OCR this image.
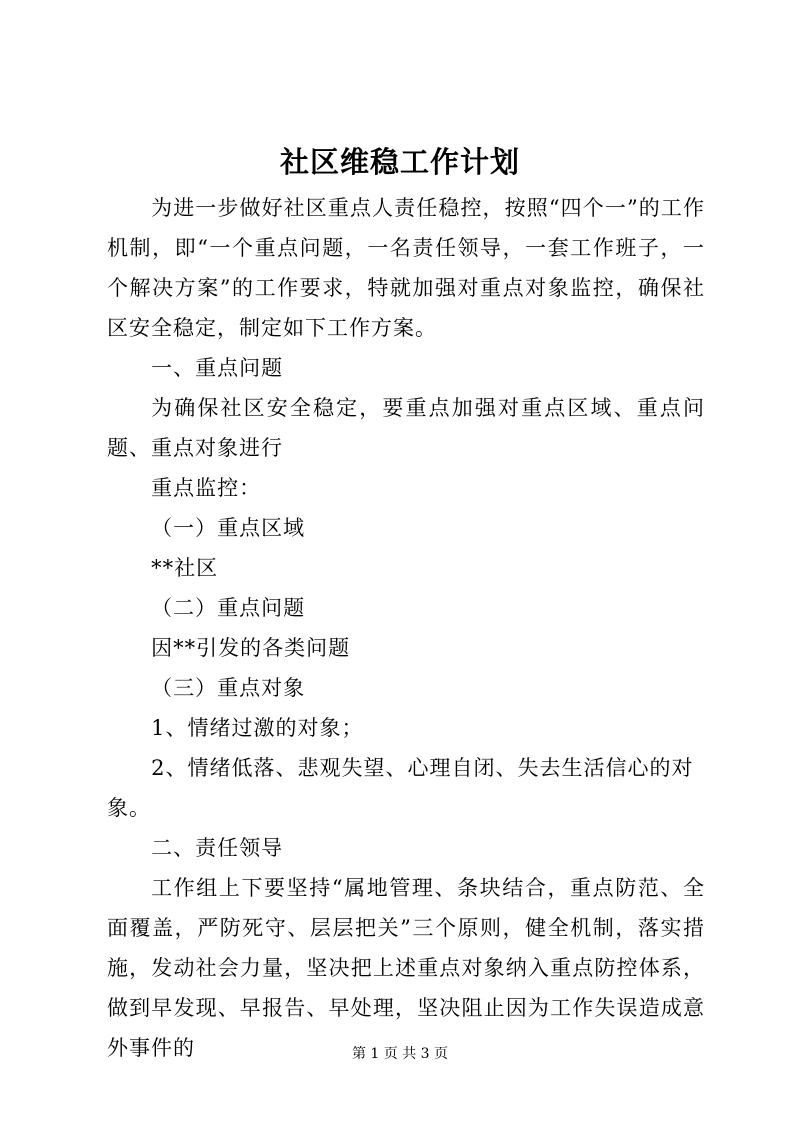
社区维稳工作计划

为进一步做好社区重点人责任稳控，按照“四个一”的工作机制，即“一个重点问题，一名责任领导，一套工作班子，一个解决方案”的工作要求，特就加强对重点对象监控，确保社区安全稳定，制定如下工作方案。

一、重点问题

为确保社区安全稳定，要重点加强对重点区域、重点问题、重点对象进行

重点监控：

（一）重点区域

**社区

（二）重点问题

因**引发的各类问题

（三）重点对象

1、情绪过激的对象；

2、情绪低落、悲观失望、心理自闭、失去生活信心的对象。

二、责任领导

工作组上下要坚持“属地管理、条块结合，重点防范、全面覆盖，严防死守、层层把关”三个原则，健全机制，落实措施，发动社会力量，坚决把上述重点对象纳入重点防控体系，做到早发现、早报告、早处理，坚决阻止因为工作失误造成意外事件的	第 1 页 共 3 页
